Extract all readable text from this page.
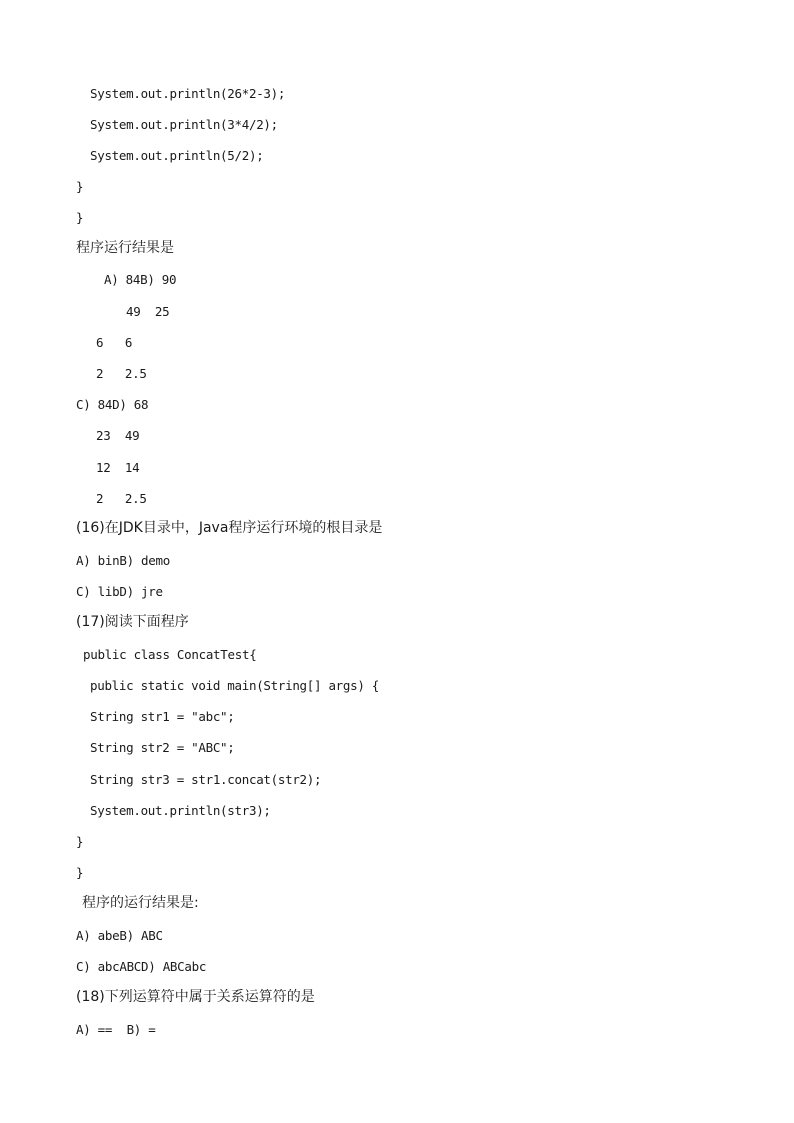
System.out.println(26*2-3);
System.out.println(3*4/2);
System.out.println(5/2);
}
}
程序运行结果是
A) 84B) 90
49  25
6   6
2   2.5
C) 84D) 68
23  49
12  14
2   2.5
(16)在JDK目录中，Java程序运行环境的根目录是
A) binB) demo
C) libD) jre
(17)阅读下面程序
public class ConcatTest{
public static void main(String[] args) {
String str1 = "abc";
String str2 = "ABC";
String str3 = str1.concat(str2);
System.out.println(str3);
}
}
程序的运行结果是:
A) abeB) ABC
C) abcABCD) ABCabc
(18)下列运算符中属于关系运算符的是
A) ==  B) =
